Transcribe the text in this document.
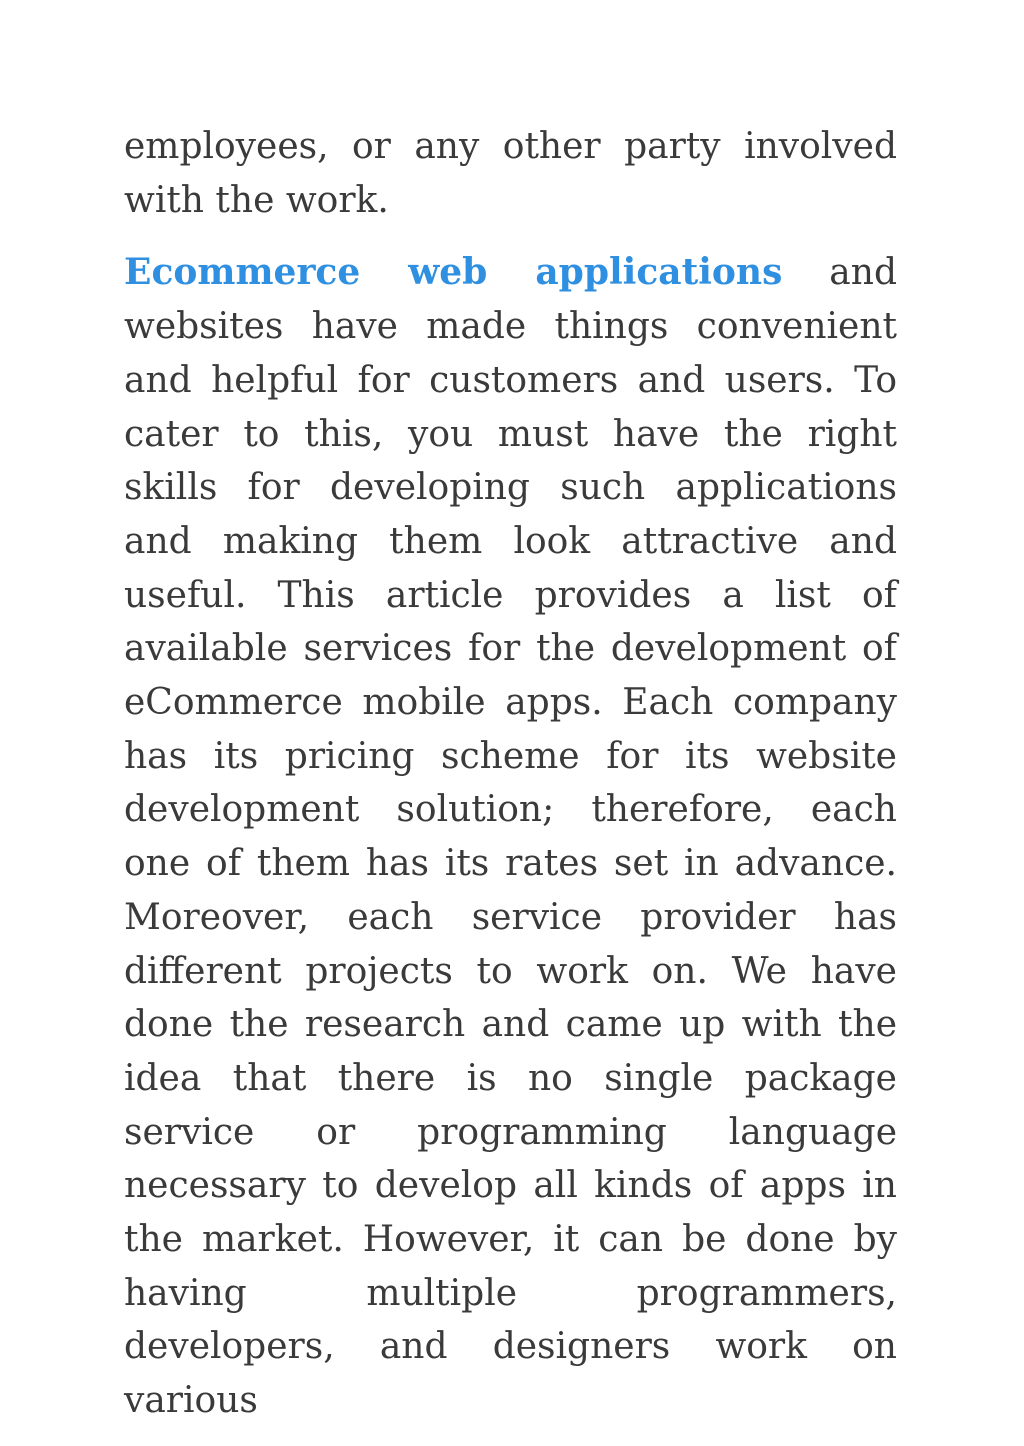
employees, or any other party involved with the work.

Ecommerce web applications and websites have made things convenient and helpful for customers and users. To cater to this, you must have the right skills for developing such applications and making them look attractive and useful. This article provides a list of available services for the development of eCommerce mobile apps. Each company has its pricing scheme for its website development solution; therefore, each one of them has its rates set in advance. Moreover, each service provider has different projects to work on. We have done the research and came up with the idea that there is no single package service or programming language necessary to develop all kinds of apps in the market. However, it can be done by having multiple programmers, developers, and designers work on various
